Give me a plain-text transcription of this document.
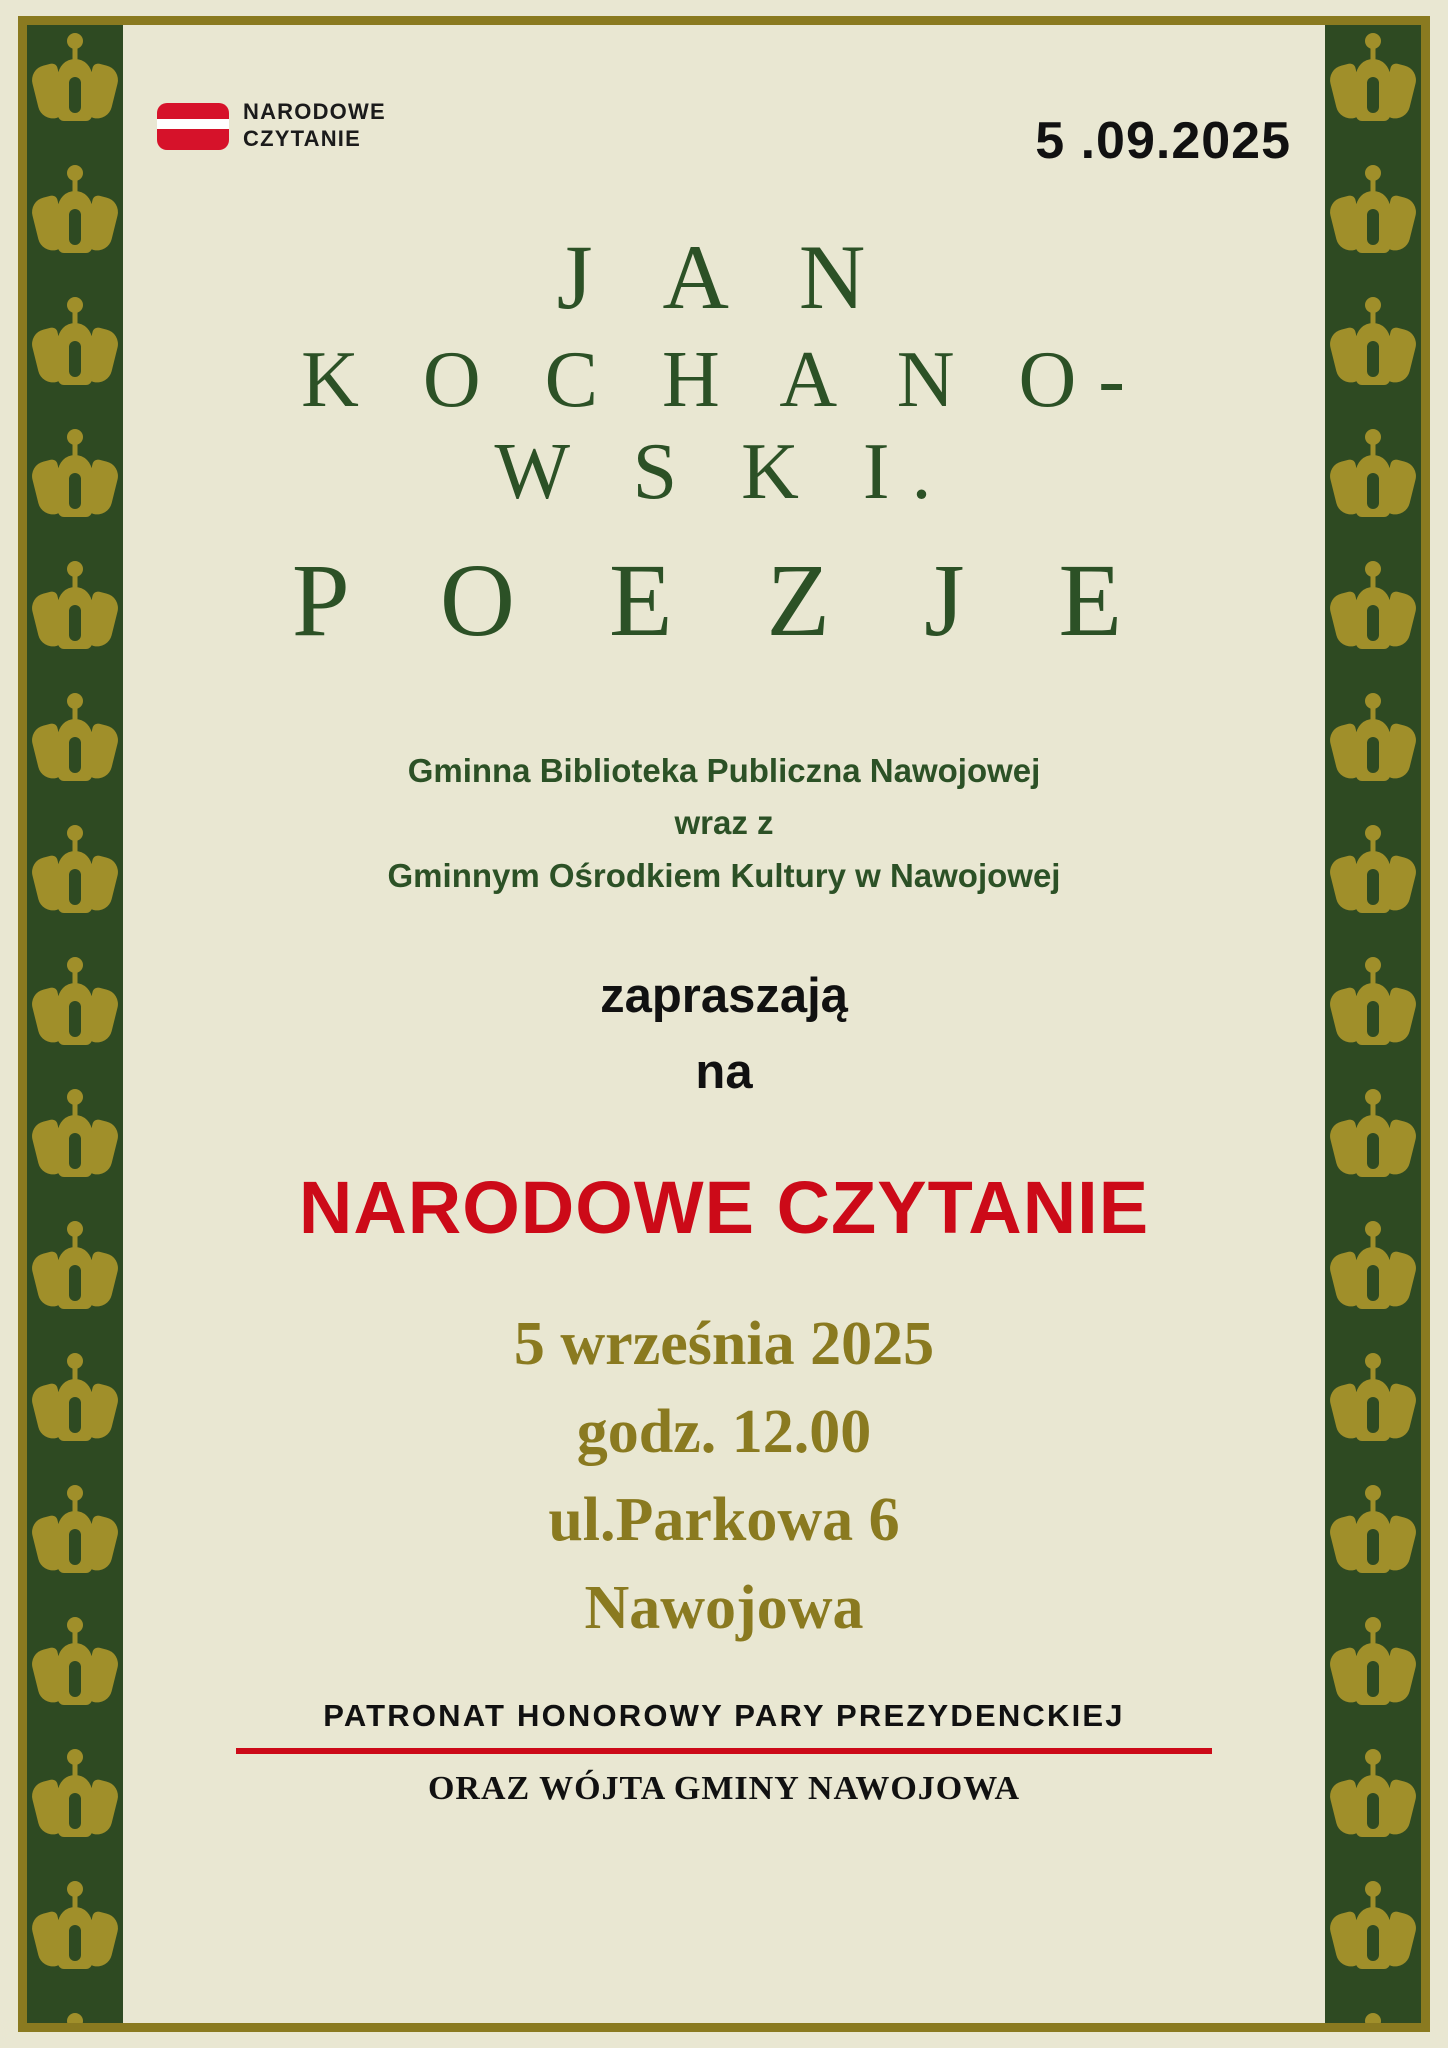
NARODOWE
CZYTANIE	5 .09.2025
J A N
K O C H A N O-
W S K I.
P O E Z J E
Gminna Biblioteka Publiczna Nawojowej
wraz z
Gminnym Ośrodkiem Kultury w Nawojowej
zapraszają
na
NARODOWE CZYTANIE
5 września 2025
godz. 12.00
ul.Parkowa 6
Nawojowa
PATRONAT HONOROWY PARY PREZYDENCKIEJ
ORAZ WÓJTA GMINY NAWOJOWA
